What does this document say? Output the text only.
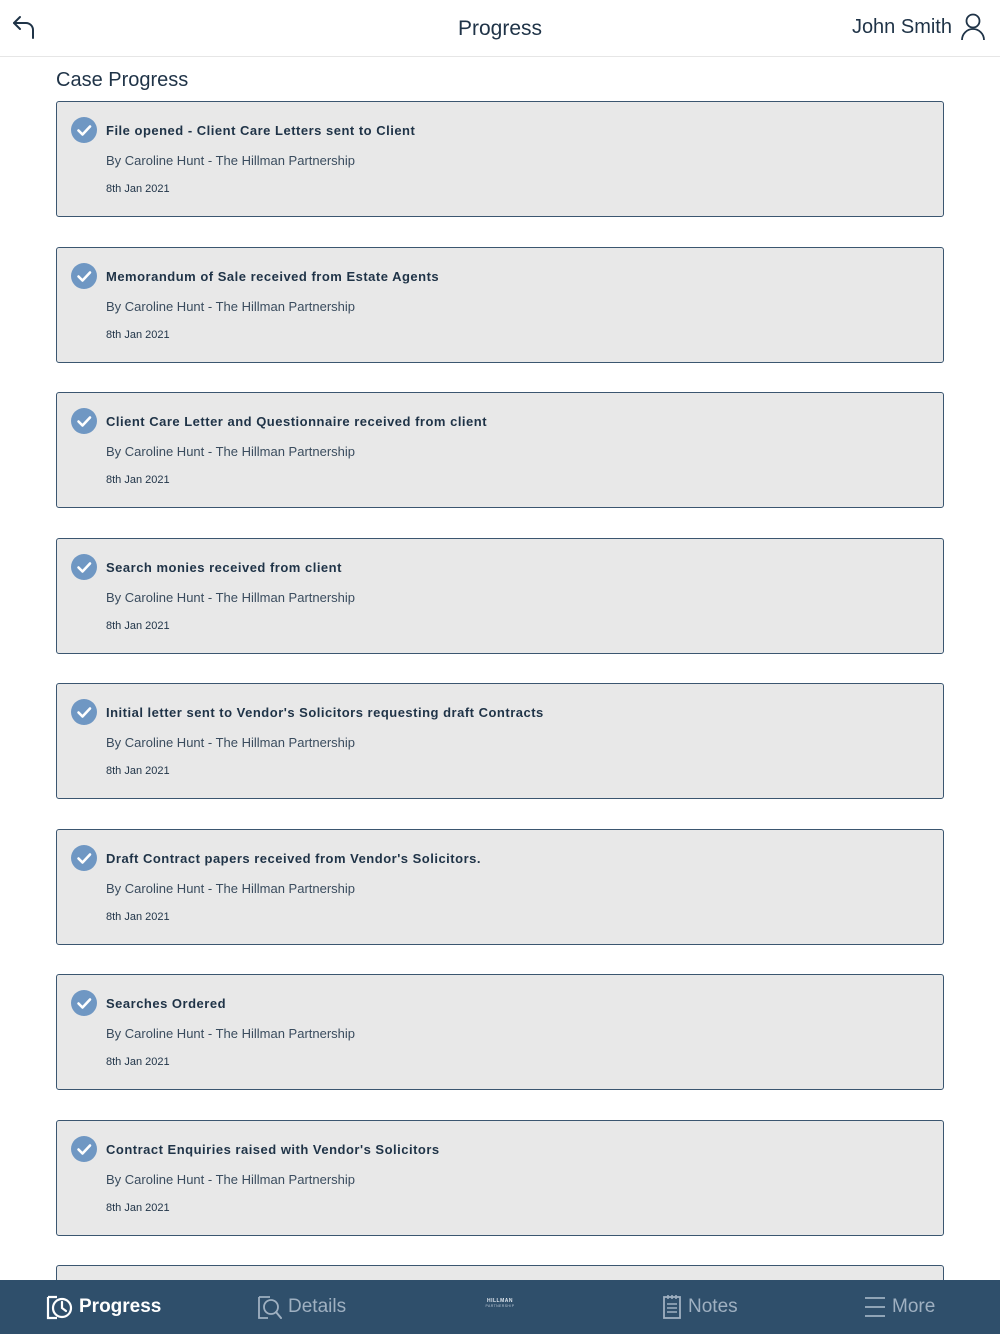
Progress	John Smith
Case Progress
File opened - Client Care Letters sent to Client
By Caroline Hunt - The Hillman Partnership
8th Jan 2021
Memorandum of Sale received from Estate Agents
By Caroline Hunt - The Hillman Partnership
8th Jan 2021
Client Care Letter and Questionnaire received from client
By Caroline Hunt - The Hillman Partnership
8th Jan 2021
Search monies received from client
By Caroline Hunt - The Hillman Partnership
8th Jan 2021
Initial letter sent to Vendor's Solicitors requesting draft Contracts
By Caroline Hunt - The Hillman Partnership
8th Jan 2021
Draft Contract papers received from Vendor's Solicitors.
By Caroline Hunt - The Hillman Partnership
8th Jan 2021
Searches Ordered
By Caroline Hunt - The Hillman Partnership
8th Jan 2021
Contract Enquiries raised with Vendor's Solicitors
By Caroline Hunt - The Hillman Partnership
8th Jan 2021
Progress	Details	HILLMAN
PARTNERSHIP	Notes	More
